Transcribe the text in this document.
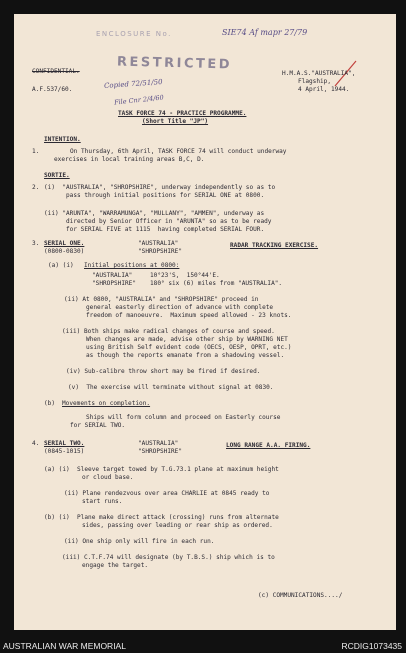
ENCLOSURE No.	SIE74 Af mapr 27/79
RESTRICTED
CONFIDENTIAL.
A.F.537/60.	Copied 72/51/50
File Cnr 2/4/60
H.M.A.S."AUSTRALIA",
Flagship,
4 April, 1944.
TASK FORCE 74 - PRACTICE PROGRAMME.
(Short Title "JP")
INTENTION.
1.	On Thursday, 6th April, TASK FORCE 74 will conduct underway
exercises in local training areas B,C, D.
SORTIE.
2. (i)  "AUSTRALIA", "SHROPSHIRE", underway independently so as to
pass through initial positions for SERIAL ONE at 0800.
(ii) "ARUNTA", "WARRAMUNGA", "MULLANY", "AMMEN", underway as
directed by Senior Officer in "ARUNTA" so as to be ready
for SERIAL FIVE at 1115  having completed SERIAL FOUR.
3. SERIAL ONE.
(0800-0830)
"AUSTRALIA"
"SHROPSHIRE"
RADAR TRACKING EXERCISE.
(a) (i) Initial positions at 0800:
"AUSTRALIA"	10°23'S,  150°44'E.
"SHROPSHIRE" 180° six (6) miles from "AUSTRALIA".
(ii) At 0800, "AUSTRALIA" and "SHROPSHIRE" proceed in
general easterly direction of advance with complete
freedom of manoeuvre.  Maximum speed allowed - 23 knots.
(iii) Both ships make radical changes of course and speed.
When changes are made, advise other ship by WARNING NET
using British Self evident code (OECS, OESP, OPRT, etc.)
as though the reports emanate from a shadowing vessel.
(iv) Sub-calibre throw short may be fired if desired.
(v)  The exercise will terminate without signal at 0830.
(b) Movements on completion.
Ships will form column and proceed on Easterly course
for SERIAL TWO.
4. SERIAL TWO.
(0845-1015)
"AUSTRALIA"
"SHROPSHIRE"
LONG RANGE A.A. FIRING.
(a) (i)  Sleeve target towed by T.G.73.1 plane at maximum height
or cloud base.
(ii) Plane rendezvous over area CHARLIE at 0845 ready to
start runs.
(b) (i)  Plane make direct attack (crossing) runs from alternate
sides, passing over leading or rear ship as ordered.
(ii) One ship only will fire in each run.
(iii) C.T.F.74 will designate (by T.B.S.) ship which is to
engage the target.
(c) COMMUNICATIONS..../
AUSTRALIAN WAR MEMORIAL	RCDIG1073435
